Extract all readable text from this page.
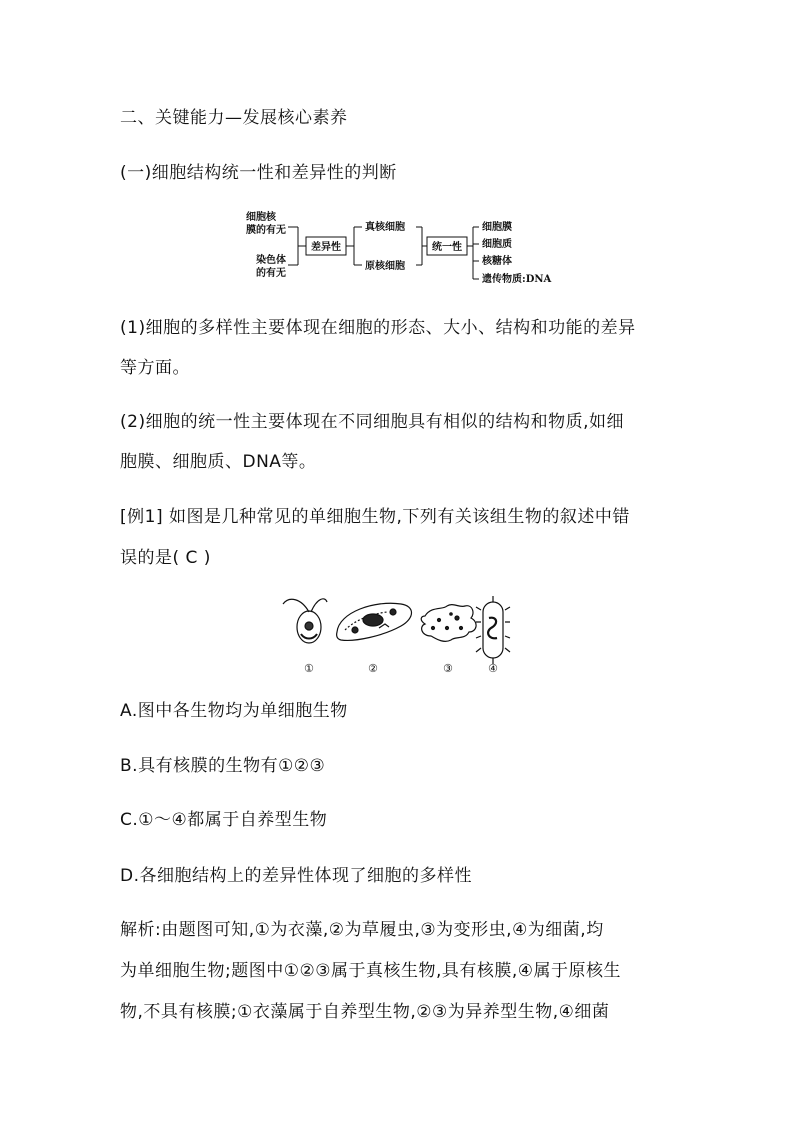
二、关键能力—发展核心素养
(一)细胞结构统一性和差异性的判断
细胞核
膜的有无
染色体
的有无
差异性
真核细胞
原核细胞
统一性
细胞膜
细胞质
核糖体
遗传物质:DNA
(1)细胞的多样性主要体现在细胞的形态、大小、结构和功能的差异
等方面。
(2)细胞的统一性主要体现在不同细胞具有相似的结构和物质,如细
胞膜、细胞质、DNA等。
[例1] 如图是几种常见的单细胞生物,下列有关该组生物的叙述中错
误的是( C )
①	②	③	④
A.图中各生物均为单细胞生物
B.具有核膜的生物有①②③
C.①～④都属于自养型生物
D.各细胞结构上的差异性体现了细胞的多样性
解析:由题图可知,①为衣藻,②为草履虫,③为变形虫,④为细菌,均
为单细胞生物;题图中①②③属于真核生物,具有核膜,④属于原核生
物,不具有核膜;①衣藻属于自养型生物,②③为异养型生物,④细菌
